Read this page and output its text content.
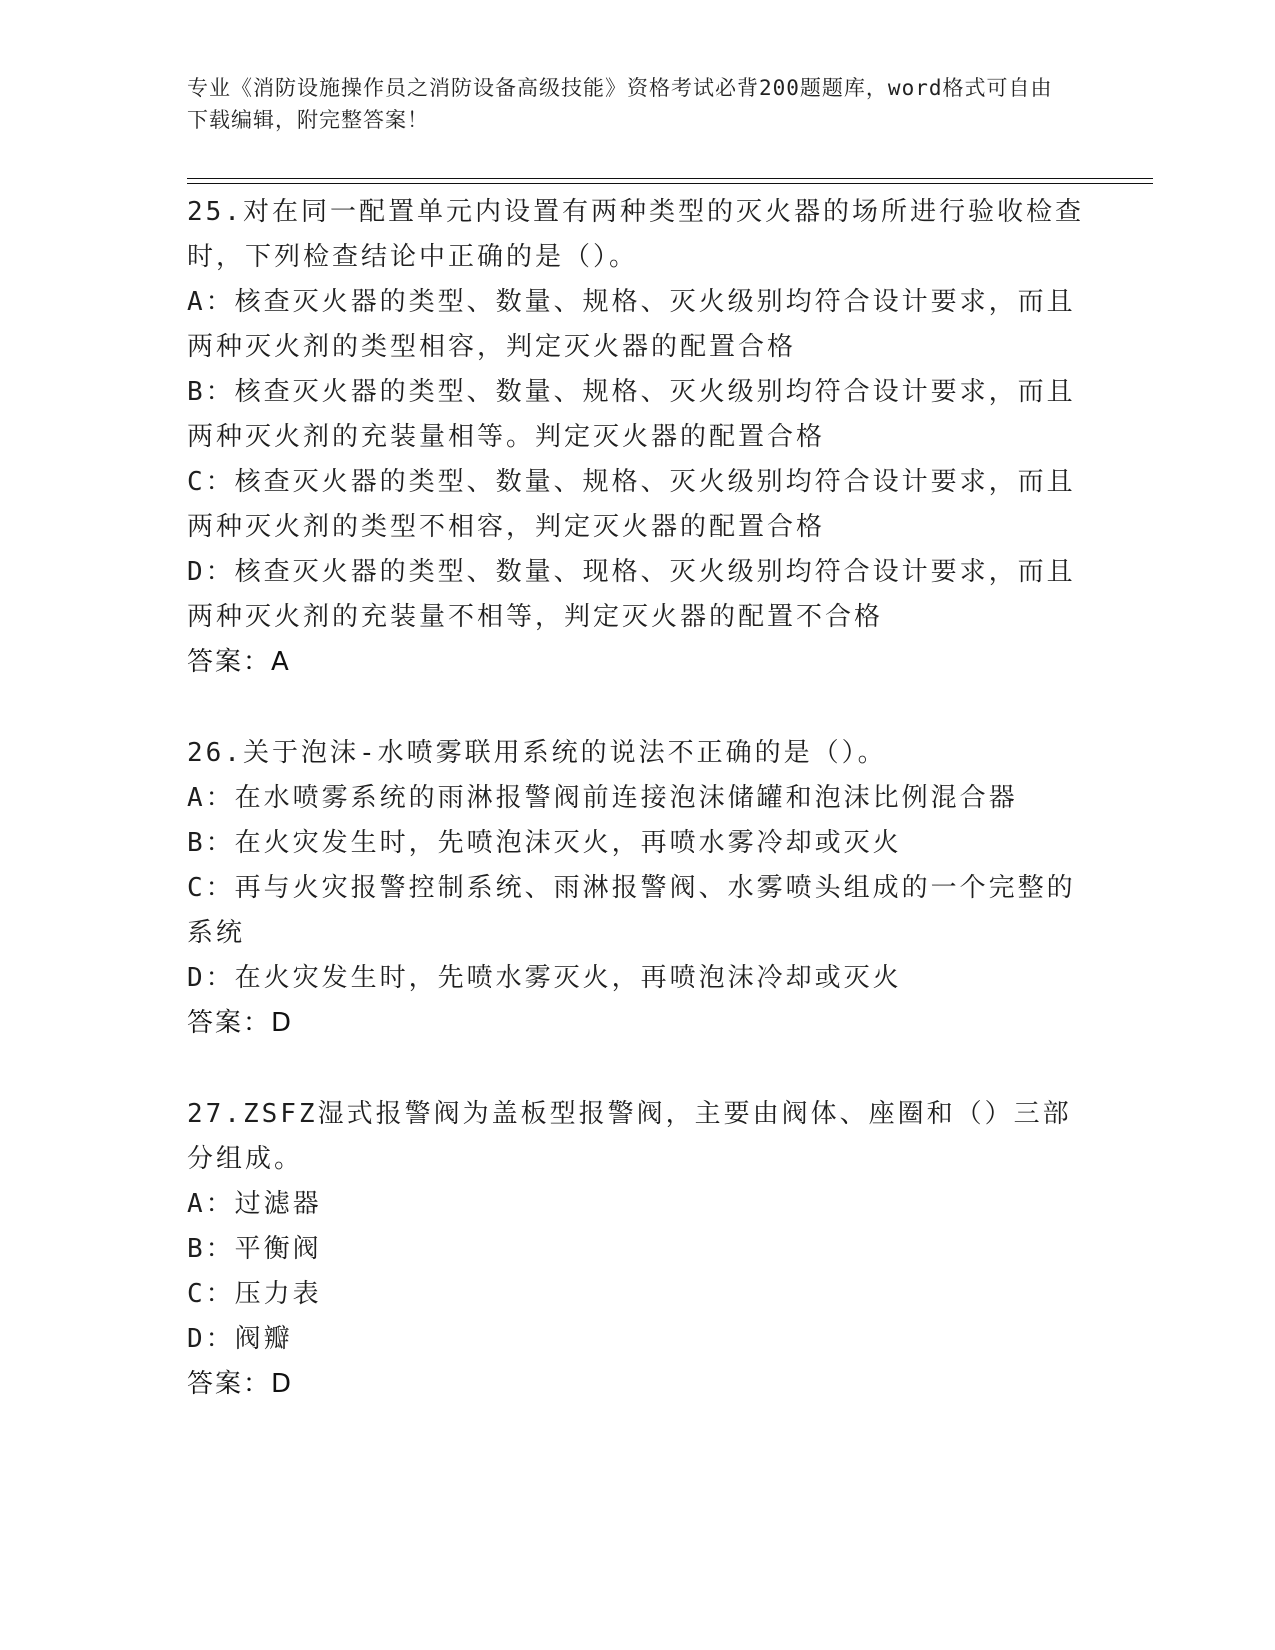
专业《消防设施操作员之消防设备高级技能》资格考试必背200题题库，word格式可自由下载编辑，附完整答案！
25.对在同一配置单元内设置有两种类型的灭火器的场所进行验收检查时，下列检查结论中正确的是（）。
A：核查灭火器的类型、数量、规格、灭火级别均符合设计要求，而且两种灭火剂的类型相容，判定灭火器的配置合格
B：核查灭火器的类型、数量、规格、灭火级别均符合设计要求，而且两种灭火剂的充装量相等。判定灭火器的配置合格
C：核查灭火器的类型、数量、规格、灭火级别均符合设计要求，而且两种灭火剂的类型不相容，判定灭火器的配置合格
D：核查灭火器的类型、数量、现格、灭火级别均符合设计要求，而且两种灭火剂的充装量不相等，判定灭火器的配置不合格
答案：A
26.关于泡沫-水喷雾联用系统的说法不正确的是（）。
A：在水喷雾系统的雨淋报警阀前连接泡沫储罐和泡沫比例混合器
B：在火灾发生时，先喷泡沫灭火，再喷水雾冷却或灭火
C：再与火灾报警控制系统、雨淋报警阀、水雾喷头组成的一个完整的系统
D：在火灾发生时，先喷水雾灭火，再喷泡沫冷却或灭火
答案：D
27.ZSFZ湿式报警阀为盖板型报警阀，主要由阀体、座圈和（）三部分组成。
A：过滤器
B：平衡阀
C：压力表
D：阀瓣
答案：D
